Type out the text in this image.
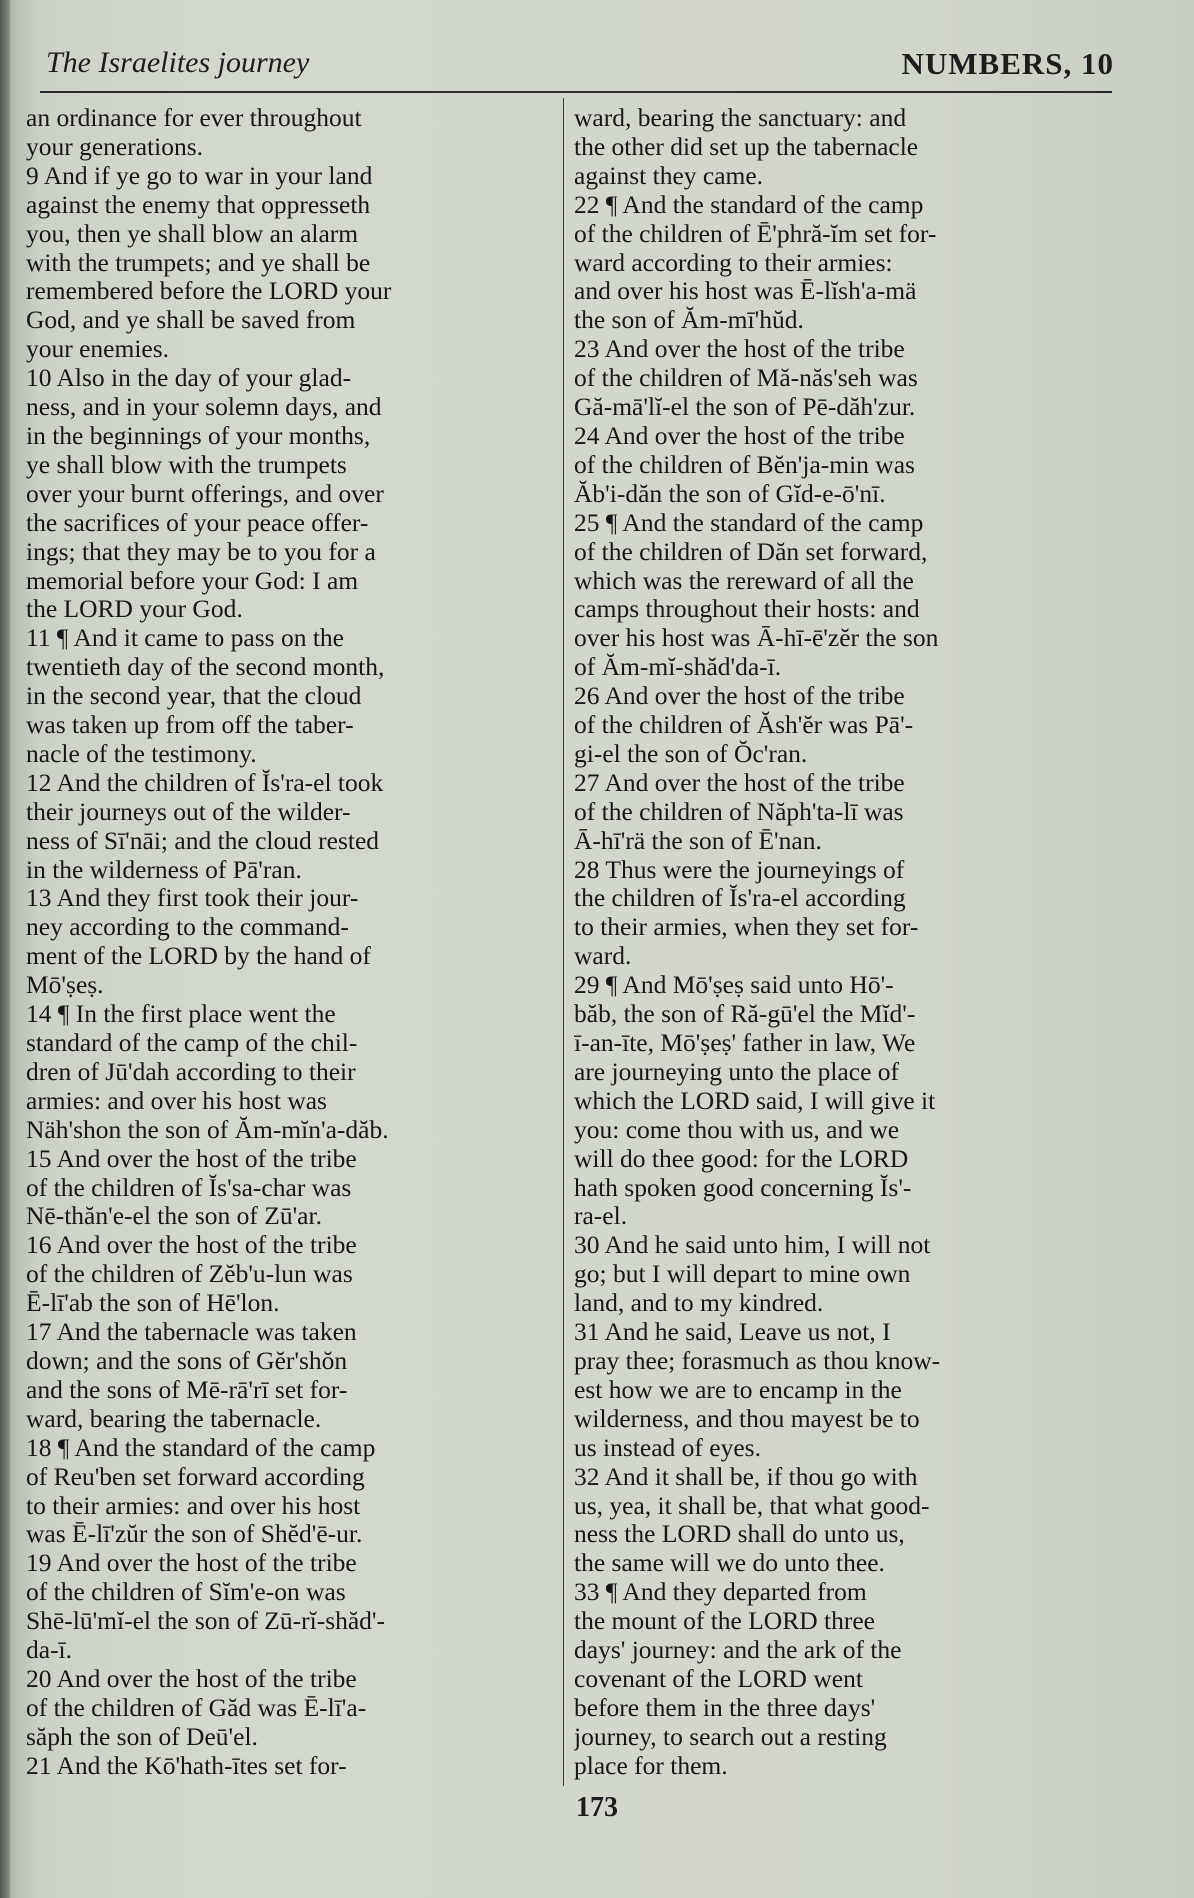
The Israelites journey	NUMBERS, 10
an ordinance for ever throughout
your generations.
9 And if ye go to war in your land
against the enemy that oppresseth
you, then ye shall blow an alarm
with the trumpets; and ye shall be
remembered before the LORD your
God, and ye shall be saved from
your enemies.
10 Also in the day of your glad-
ness, and in your solemn days, and
in the beginnings of your months,
ye shall blow with the trumpets
over your burnt offerings, and over
the sacrifices of your peace offer-
ings; that they may be to you for a
memorial before your God: I am
the LORD your God.
11 ¶ And it came to pass on the
twentieth day of the second month,
in the second year, that the cloud
was taken up from off the taber-
nacle of the testimony.
12 And the children of Ĭs'ra-el took
their journeys out of the wilder-
ness of Sī'nāi; and the cloud rested
in the wilderness of Pā'ran.
13 And they first took their jour-
ney according to the command-
ment of the LORD by the hand of
Mō'ṣeṣ.
14 ¶ In the first place went the
standard of the camp of the chil-
dren of Jū'dah according to their
armies: and over his host was
Näh'shon the son of Ăm-mĭn'a-dăb.
15 And over the host of the tribe
of the children of Ĭs'sa-char was
Nē-thăn'e-el the son of Zū'ar.
16 And over the host of the tribe
of the children of Zĕb'u-lun was
Ē-lī'ab the son of Hē'lon.
17 And the tabernacle was taken
down; and the sons of Gĕr'shŏn
and the sons of Mē-rā'rī set for-
ward, bearing the tabernacle.
18 ¶ And the standard of the camp
of Reu'ben set forward according
to their armies: and over his host
was Ē-lī'zŭr the son of Shĕd'ē-ur.
19 And over the host of the tribe
of the children of Sĭm'e-on was
Shē-lū'mĭ-el the son of Zū-rĭ-shăd'-
da-ī.
20 And over the host of the tribe
of the children of Găd was Ē-lī'a-
săph the son of Deū'el.
21 And the Kō'hath-ītes set for-
ward, bearing the sanctuary: and
the other did set up the tabernacle
against they came.
22 ¶ And the standard of the camp
of the children of Ē'phră-ĭm set for-
ward according to their armies:
and over his host was Ē-lĭsh'a-mä
the son of Ăm-mī'hŭd.
23 And over the host of the tribe
of the children of Mă-năs'seh was
Gă-mā'lĭ-el the son of Pē-dăh'zur.
24 And over the host of the tribe
of the children of Bĕn'ja-min was
Ăb'i-dăn the son of Gĭd-e-ō'nī.
25 ¶ And the standard of the camp
of the children of Dăn set forward,
which was the rereward of all the
camps throughout their hosts: and
over his host was Ā-hī-ē'zĕr the son
of Ăm-mĭ-shăd'da-ī.
26 And over the host of the tribe
of the children of Ăsh'ĕr was Pā'-
gi-el the son of Ŏc'ran.
27 And over the host of the tribe
of the children of Năph'ta-lī was
Ā-hī'rä the son of Ē'nan.
28 Thus were the journeyings of
the children of Ĭs'ra-el according
to their armies, when they set for-
ward.
29 ¶ And Mō'ṣeṣ said unto Hō'-
băb, the son of Ră-gū'el the Mĭd'-
ī-an-īte, Mō'ṣeṣ' father in law, We
are journeying unto the place of
which the LORD said, I will give it
you: come thou with us, and we
will do thee good: for the LORD
hath spoken good concerning Ĭs'-
ra-el.
30 And he said unto him, I will not
go; but I will depart to mine own
land, and to my kindred.
31 And he said, Leave us not, I
pray thee; forasmuch as thou know-
est how we are to encamp in the
wilderness, and thou mayest be to
us instead of eyes.
32 And it shall be, if thou go with
us, yea, it shall be, that what good-
ness the LORD shall do unto us,
the same will we do unto thee.
33 ¶ And they departed from
the mount of the LORD three
days' journey: and the ark of the
covenant of the LORD went
before them in the three days'
journey, to search out a resting
place for them.
173
